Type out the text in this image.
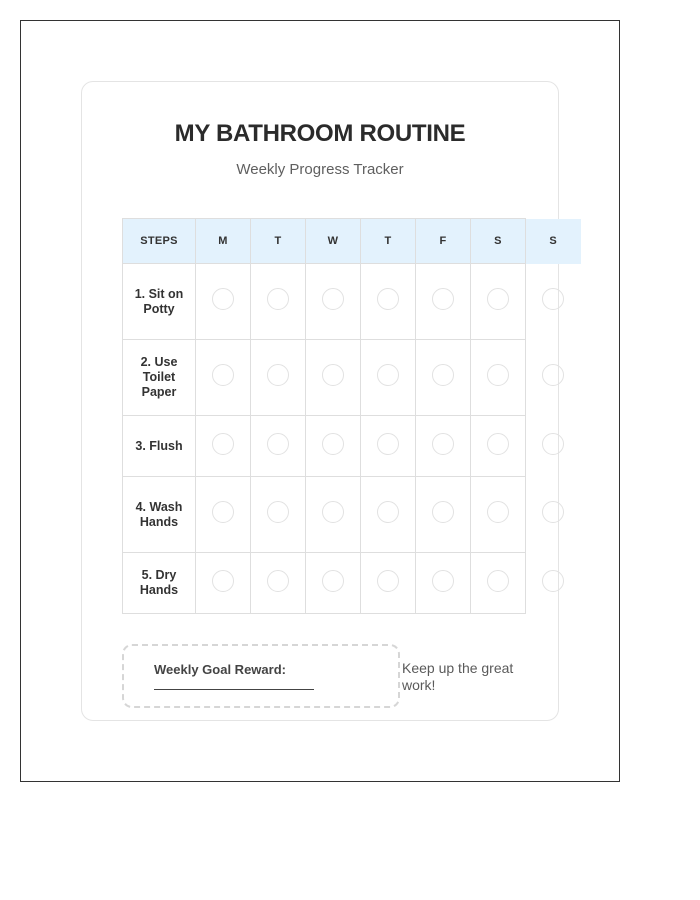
MY BATHROOM ROUTINE
Weekly Progress Tracker
STEPS	M	T	W	T	F	S	S
1. Sit on Potty							
2. Use Toilet Paper							
3. Flush							
4. Wash Hands							
5. Dry Hands							
Weekly Goal Reward:	Keep up the great work!
